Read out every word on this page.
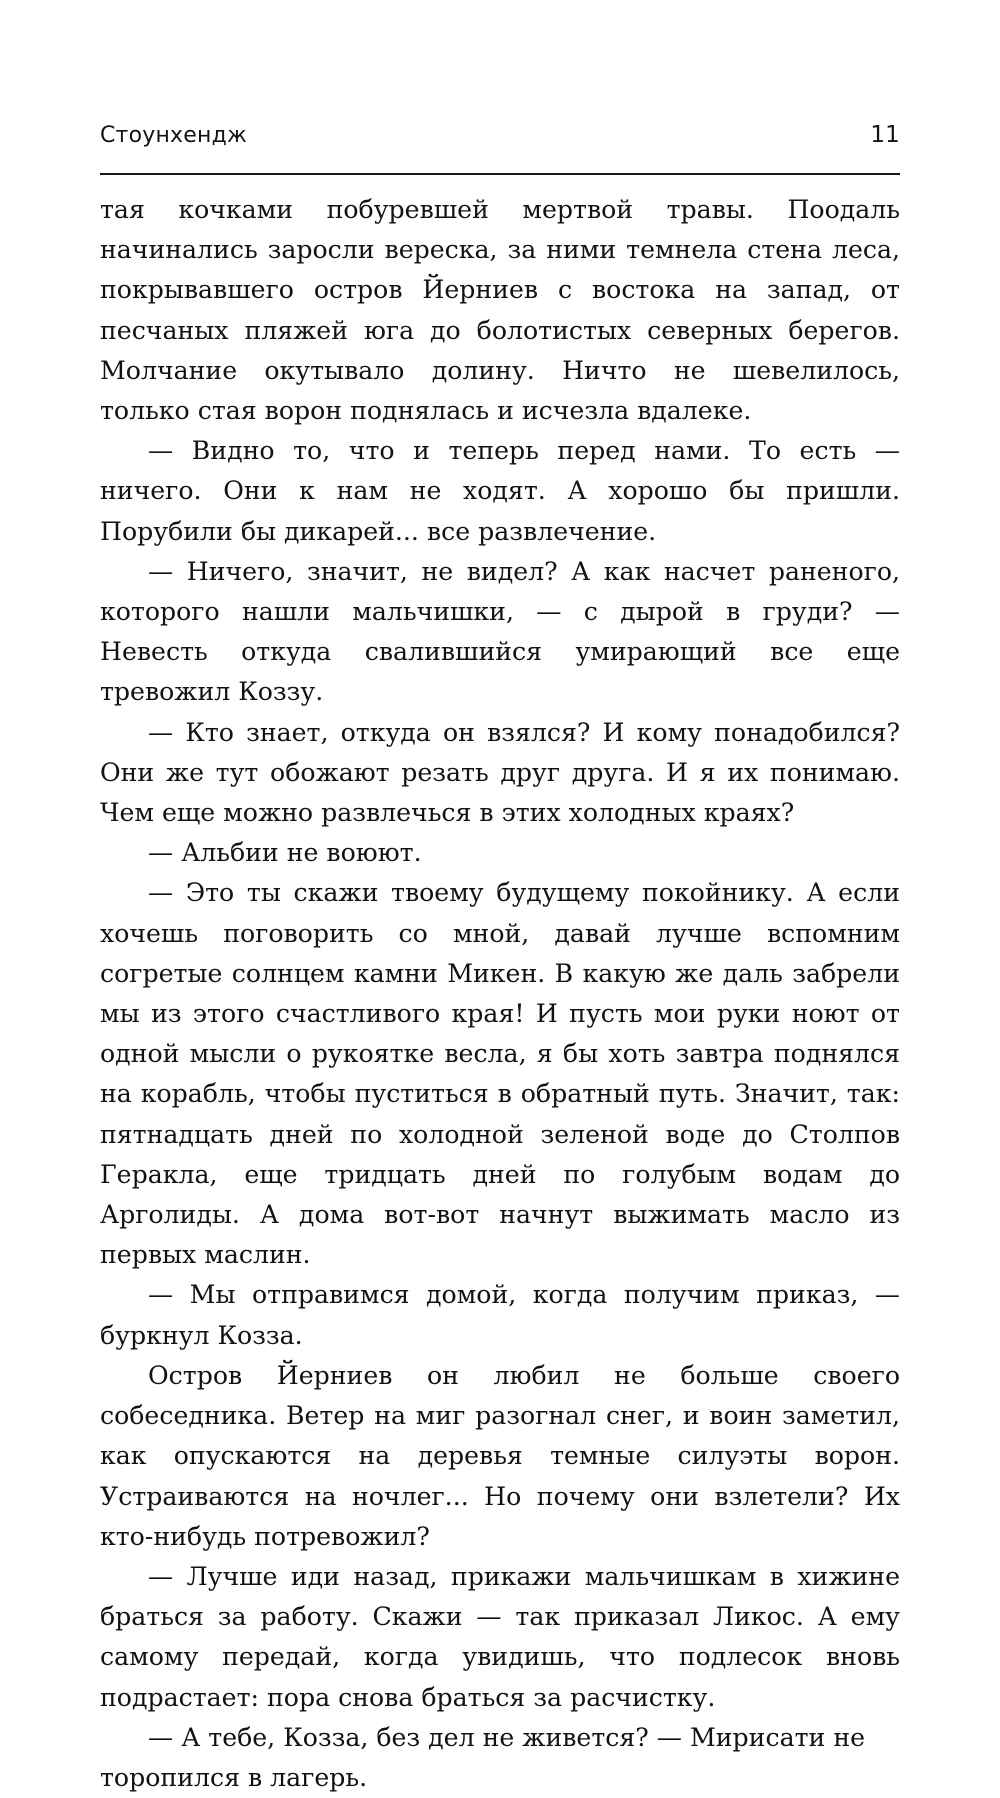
Стоунхендж	11

тая кочками побуревшей мертвой травы. Поодаль начинались заросли вереска, за ними темнела стена леса, покрывавшего остров Йерниев с востока на запад, от песчаных пляжей юга до болотистых северных берегов. Молчание окутывало долину. Ничто не шевелилось, только стая ворон поднялась и исчезла вдалеке.

— Видно то, что и теперь перед нами. То есть — ничего. Они к нам не ходят. А хорошо бы пришли. Порубили бы дикарей... все развлечение.

— Ничего, значит, не видел? А как насчет раненого, которого нашли мальчишки, — с дырой в груди? — Невесть откуда свалившийся умирающий все еще тревожил Коззу.

— Кто знает, откуда он взялся? И кому понадобился? Они же тут обожают резать друг друга. И я их понимаю. Чем еще можно развлечься в этих холодных краях?

— Альбии не воюют.

— Это ты скажи твоему будущему покойнику. А если хочешь поговорить со мной, давай лучше вспомним согретые солнцем камни Микен. В какую же даль забрели мы из этого счастливого края! И пусть мои руки ноют от одной мысли о рукоятке весла, я бы хоть завтра поднялся на корабль, чтобы пуститься в обратный путь. Значит, так: пятнадцать дней по холодной зеленой воде до Столпов Геракла, еще тридцать дней по голубым водам до Арголиды. А дома вот-вот начнут выжимать масло из первых маслин.

— Мы отправимся домой, когда получим приказ, — буркнул Козза.

Остров Йерниев он любил не больше своего собеседника. Ветер на миг разогнал снег, и воин заметил, как опускаются на деревья темные силуэты ворон. Устраиваются на ночлег... Но почему они взлетели? Их кто-нибудь потревожил?

— Лучше иди назад, прикажи мальчишкам в хижине браться за работу. Скажи — так приказал Ликос. А ему самому передай, когда увидишь, что подлесок вновь подрастает: пора снова браться за расчистку.

— А тебе, Козза, без дел не живется? — Мирисати не торопился в лагерь.
